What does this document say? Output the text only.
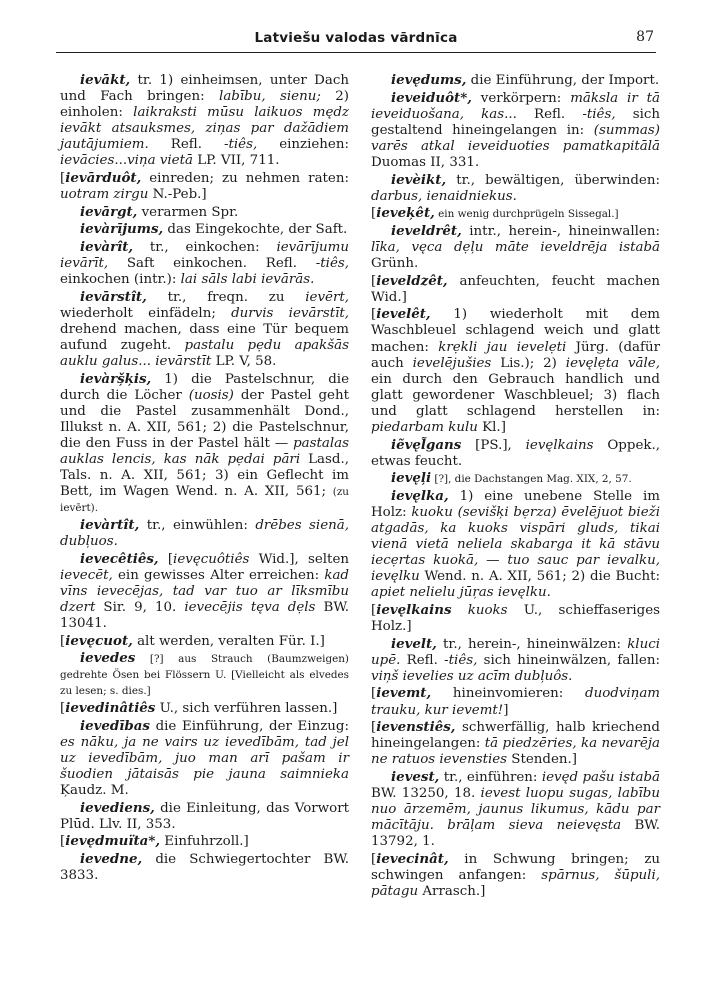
Latviešu valodas vārdnīca	87

ievākt, tr. 1) einheimsen, unter Dach und Fach bringen: labību, sienu; 2) einholen: laikraksti mūsu laikuos mędz ievākt atsauksmes, ziņas par dažādiem jautājumiem. Refl. -tiês, einziehen: ievācies...viņa vietā LP. VII, 711.

[ievārduôt, einreden; zu nehmen raten: uotram zirgu N.-Peb.]

ievārgt, verarmen Spr.

ievàrījums, das Eingekochte, der Saft.

ievàrît, tr., einkochen: ievārījumu ievārīt, Saft einkochen. Refl. -tiês, einkochen (intr.): lai sāls labi ievārās.

ievārstît, tr., freqn. zu ievērt, wiederholt einfädeln; durvis ievārstīt, drehend machen, dass eine Tür bequem aufund zugeht. pastalu pẹdu apakšās auklu galus... ievārstīt LP. V, 58.

ievàrș̌ķis, 1) die Pastelschnur, die durch die Löcher (uosis) der Pastel geht und die Pastel zusammenhält Dond., Illukst n. A. XII, 561; 2) die Pastelschnur, die den Fuss in der Pastel hält — pastalas auklas lencis, kas nāk pẹdai pāri Lasd., Tals. n. A. XII, 561; 3) ein Geflecht im Bett, im Wagen Wend. n. A. XII, 561; (zu ievērt).

ievàrtît, tr., einwühlen: drēbes sienā, dubļuos.

ievecêtiês, [ievęcuôtiês Wid.], selten ievecēt, ein gewisses Alter erreichen: kad vīns ievecējas, tad var tuo ar līksmību dzert Sir. 9, 10. ievecējis tęva dẹls BW. 13041.

[ievęcuot, alt werden, veralten Für. I.]

ievedes [?] aus Strauch (Baumzweigen) gedrehte Ösen bei Flössern U. [Vielleicht als elvedes zu lesen; s. dies.]

[ievedinâtiês U., sich verführen lassen.]

ievedības die Einführung, der Einzug: es nāku, ja ne vairs uz ievedībām, tad jel uz ievedībām, juo man arī pašam ir šuodien jātaisās pie jauna saimnieka Ķaudz. M.

ievediens, die Einleitung, das Vorwort Plūd. Llv. II, 353.

[ievędmuïta*, Einfuhrzoll.]

ievedne, die Schwiegertochter BW. 3833.

ievędums, die Einführung, der Import.

ieveiduôt*, verkörpern: māksla ir tā ieveiduošana, kas... Refl. -tiês, sich gestaltend hineingelangen in: (summas) varēs atkal ieveiduoties pamatkapitālā Duomas II, 331.

ievèikt, tr., bewältigen, überwinden: darbus, ienaidniekus.

[ieveķêt, ein wenig durchprügeln Sissegal.]

ieveldrêt, intr., herein-, hineinwallen: līka, vęca dẹļu māte ieveldrēja istabā Grünh.

[ieveldzêt, anfeuchten, feucht machen Wid.]

[ievelêt, 1) wiederholt mit dem Waschbleuel schlagend weich und glatt machen: krẹkli jau ievelẹti Jürg. (dafür auch ievelējušies Lis.); 2) ievęlẹta vāle, ein durch den Gebrauch handlich und glatt gewordener Waschbleuel; 3) flach und glatt schlagend herstellen in: piedarbam kulu Kl.]

iẽvęl̃gans [PS.], ievęlkains Oppek., etwas feucht.

ievęļi [?], die Dachstangen Mag. XIX, 2, 57.

ievęlka, 1) eine unebene Stelle im Holz: kuoku (sevišķi bẹrza) ēvelējuot bieži atgadās, ka kuoks vispāri gluds, tikai vienā vietā neliela skabarga it kā stāvu iecẹrtas kuokā, — tuo sauc par ievalku, ievęlku Wend. n. A. XII, 561; 2) die Bucht: apiet nelielu jūŗas ievęlku.

[ievęlkains kuoks U., schieffaseriges Holz.]

ievelt, tr., herein-, hineinwälzen: kluci upē. Refl. -tiês, sich hineinwälzen, fallen: viņš ievelies uz acīm dubļuôs.

[ievemt, hineinvomieren: duodviņam trauku, kur ievemt!]

[ievenstiês, schwerfällig, halb kriechend hineingelangen: tā piedzēries, ka nevarēja ne ratuos ievensties Stenden.]

ievest, tr., einführen: ievęd pašu istabā BW. 13250, 18. ievest luopu sugas, labību nuo ārzemēm, jaunus likumus, kādu par mācītāju. brāļam sieva neievęsta BW. 13792, 1.

[ievecinât, in Schwung bringen; zu schwingen anfangen: spārnus, šūpuli, pātagu Arrasch.]
